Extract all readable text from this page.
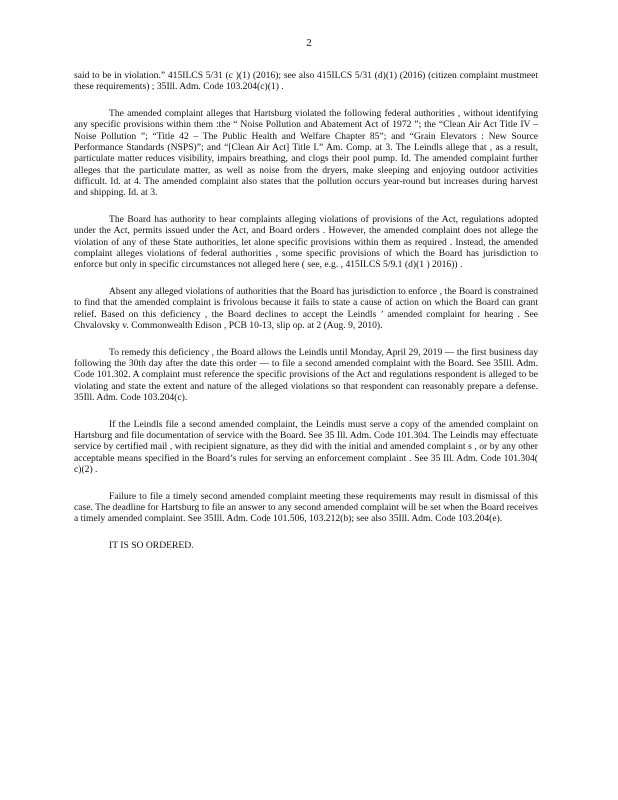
2

said to be in violation.” 415ILCS 5/31 (c )(1) (2016); see also 415ILCS 5/31 (d)(1) (2016) (citizen complaint mustmeet these requirements) ; 35Ill. Adm. Code 103.204(c)(1) .

The amended complaint alleges that Hartsburg violated the following federal authorities , without identifying any specific provisions within them :the “ Noise Pollution and Abatement Act of 1972 ”; the “Clean Air Act Title IV – Noise Pollution ”; “Title 42 – The Public Health and Welfare Chapter 85”; and “Grain Elevators : New Source Performance Standards (NSPS)”; and “[Clean Air Act] Title I.” Am. Comp. at 3. The Leindls allege that , as a result, particulate matter reduces visibility, impairs breathing, and clogs their pool pump. Id. The amended complaint further alleges that the particulate matter, as well as noise from the dryers, make sleeping and enjoying outdoor activities difficult. Id. at 4. The amended complaint also states that the pollution occurs year-round but increases during harvest and shipping. Id. at 3.

The Board has authority to hear complaints alleging violations of provisions of the Act, regulations adopted under the Act, permits issued under the Act, and Board orders . However, the amended complaint does not allege the violation of any of these State authorities, let alone specific provisions within them as required . Instead, the amended complaint alleges violations of federal authorities , some specific provisions of which the Board has jurisdiction to enforce but only in specific circumstances not alleged here ( see, e.g. , 415ILCS 5/9.1 (d)(1 ) 2016)) .

Absent any alleged violations of authorities that the Board has jurisdiction to enforce , the Board is constrained to find that the amended complaint is frivolous because it fails to state a cause of action on which the Board can grant relief. Based on this deficiency , the Board declines to accept the Leindls ’ amended complaint for hearing . See Chvalovsky v. Commonwealth Edison , PCB 10-13, slip op. at 2 (Aug. 9, 2010).

To remedy this deficiency , the Board allows the Leindls until Monday, April 29, 2019 — the first business day following the 30th day after the date this order — to file a second amended complaint with the Board. See 35Ill. Adm. Code 101.302. A complaint must reference the specific provisions of the Act and regulations respondent is alleged to be violating and state the extent and nature of the alleged violations so that respondent can reasonably prepare a defense. 35Ill. Adm. Code 103.204(c).

If the Leindls file a second amended complaint, the Leindls must serve a copy of the amended complaint on Hartsburg and file documentation of service with the Board. See 35 Ill. Adm. Code 101.304. The Leindls may effectuate service by certified mail , with recipient signature, as they did with the initial and amended complaint s , or by any other acceptable means specified in the Board’s rules for serving an enforcement complaint . See 35 Ill. Adm. Code 101.304( c)(2) .

Failure to file a timely second amended complaint meeting these requirements may result in dismissal of this case. The deadline for Hartsburg to file an answer to any second amended complaint will be set when the Board receives a timely amended complaint. See 35Ill. Adm. Code 101.506, 103.212(b); see also 35Ill. Adm. Code 103.204(e).

IT IS SO ORDERED.
